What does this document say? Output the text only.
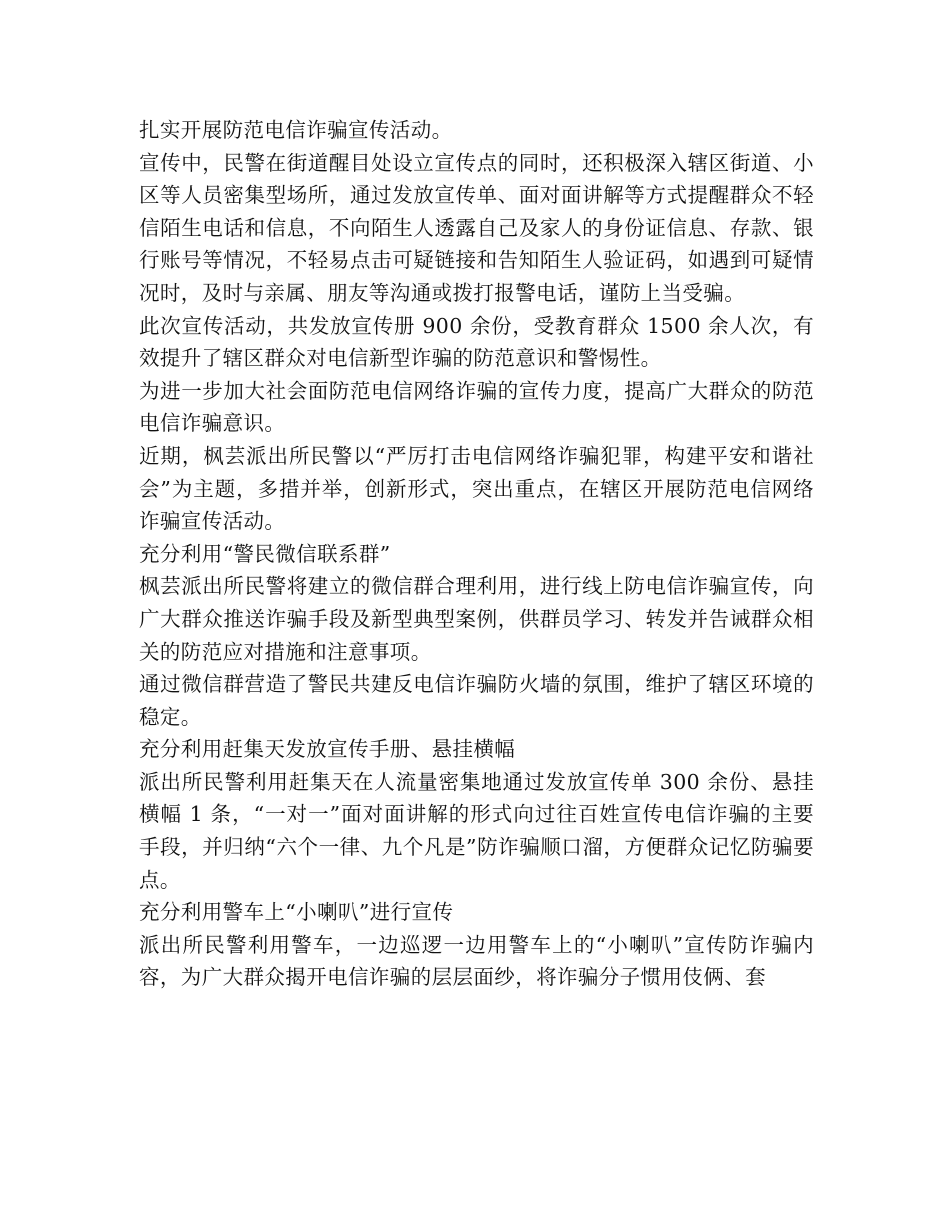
扎实开展防范电信诈骗宣传活动。

宣传中，民警在街道醒目处设立宣传点的同时，还积极深入辖区街道、小区等人员密集型场所，通过发放宣传单、面对面讲解等方式提醒群众不轻信陌生电话和信息，不向陌生人透露自己及家人的身份证信息、存款、银行账号等情况，不轻易点击可疑链接和告知陌生人验证码，如遇到可疑情况时，及时与亲属、朋友等沟通或拨打报警电话，谨防上当受骗。

此次宣传活动，共发放宣传册 900 余份，受教育群众 1500 余人次，有效提升了辖区群众对电信新型诈骗的防范意识和警惕性。

为进一步加大社会面防范电信网络诈骗的宣传力度，提高广大群众的防范电信诈骗意识。

近期，枫芸派出所民警以“严厉打击电信网络诈骗犯罪，构建平安和谐社会”为主题，多措并举，创新形式，突出重点，在辖区开展防范电信网络诈骗宣传活动。

充分利用“警民微信联系群”

枫芸派出所民警将建立的微信群合理利用，进行线上防电信诈骗宣传，向广大群众推送诈骗手段及新型典型案例，供群员学习、转发并告诫群众相关的防范应对措施和注意事项。

通过微信群营造了警民共建反电信诈骗防火墙的氛围，维护了辖区环境的稳定。

充分利用赶集天发放宣传手册、悬挂横幅

派出所民警利用赶集天在人流量密集地通过发放宣传单 300 余份、悬挂横幅 1 条，“一对一”面对面讲解的形式向过往百姓宣传电信诈骗的主要手段，并归纳“六个一律、九个凡是”防诈骗顺口溜，方便群众记忆防骗要点。

充分利用警车上“小喇叭”进行宣传

派出所民警利用警车，一边巡逻一边用警车上的“小喇叭”宣传防诈骗内容，为广大群众揭开电信诈骗的层层面纱，将诈骗分子惯用伎俩、套
